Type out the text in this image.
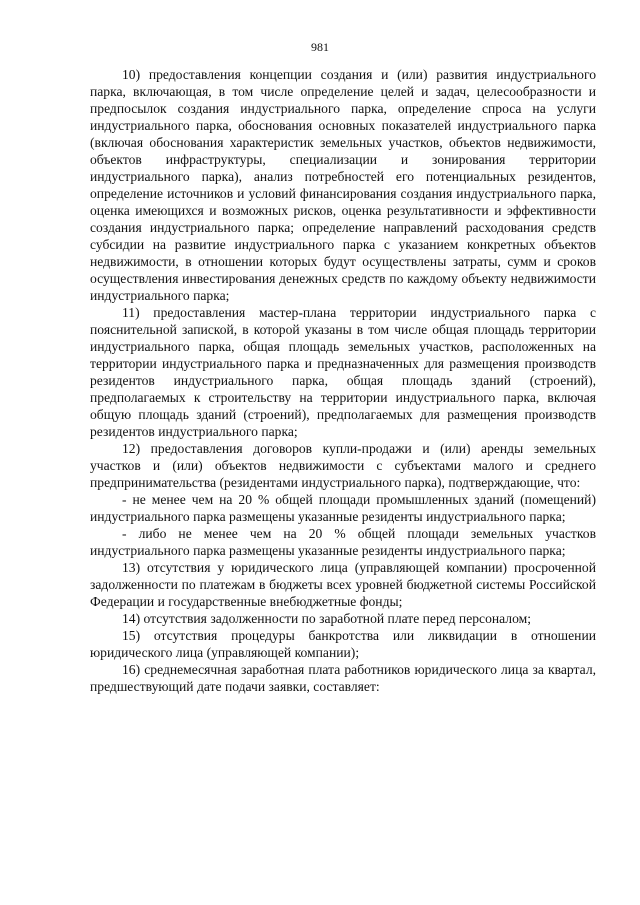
981

10) предоставления концепции создания и (или) развития индустриального парка, включающая, в том числе определение целей и задач, целесообразности и предпосылок создания индустриального парка, определение спроса на услуги индустриального парка, обоснования основных показателей индустриального парка (включая обоснования характеристик земельных участков, объектов недвижимости, объектов инфраструктуры, специализации и зонирования территории индустриального парка), анализ потребностей его потенциальных резидентов, определение источников и условий финансирования создания индустриального парка, оценка имеющихся и возможных рисков, оценка результативности и эффективности создания индустриального парка; определение направлений расходования средств субсидии на развитие индустриального парка с указанием конкретных объектов недвижимости, в отношении которых будут осуществлены затраты, сумм и сроков осуществления инвестирования денежных средств по каждому объекту недвижимости индустриального парка;

11) предоставления мастер-плана территории индустриального парка с пояснительной запиской, в которой указаны в том числе общая площадь территории индустриального парка, общая площадь земельных участков, расположенных на территории индустриального парка и предназначенных для размещения производств резидентов индустриального парка, общая площадь зданий (строений), предполагаемых к строительству на территории индустриального парка, включая общую площадь зданий (строений), предполагаемых для размещения производств резидентов индустриального парка;

12) предоставления договоров купли-продажи и (или) аренды земельных участков и (или) объектов недвижимости с субъектами малого и среднего предпринимательства (резидентами индустриального парка), подтверждающие, что:

- не менее чем на 20 % общей площади промышленных зданий (помещений) индустриального парка размещены указанные резиденты индустриального парка;

- либо не менее чем на 20 % общей площади земельных участков индустриального парка размещены указанные резиденты индустриального парка;

13) отсутствия у юридического лица (управляющей компании) просроченной задолженности по платежам в бюджеты всех уровней бюджетной системы Российской Федерации и государственные внебюджетные фонды;

14) отсутствия задолженности по заработной плате перед персоналом;

15) отсутствия процедуры банкротства или ликвидации в отношении юридического лица (управляющей компании);

16) среднемесячная заработная плата работников юридического лица за квартал, предшествующий дате подачи заявки, составляет:
